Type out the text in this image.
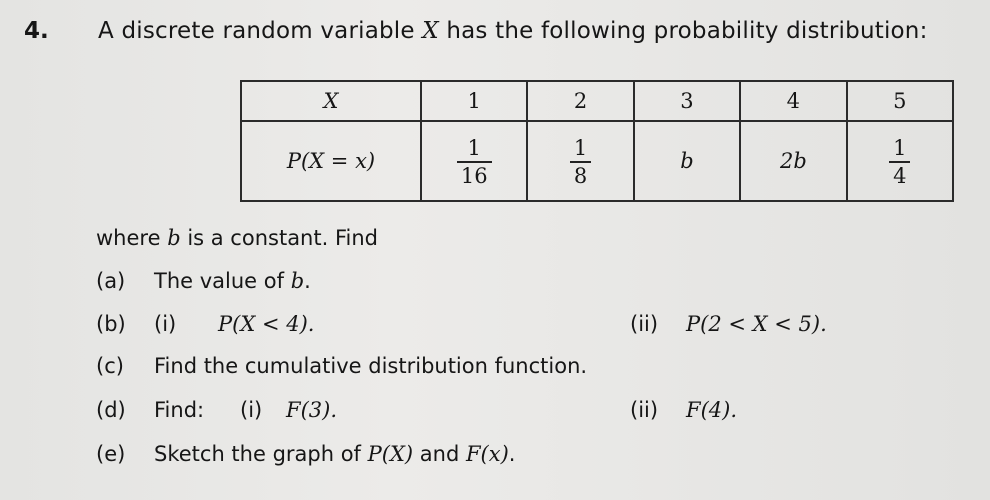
4. A discrete random variable X has the following probability distribution:
X	1	2	3	4	5
P(X = x)	$\frac{1}{16}$	$\frac{1}{8}$	b	2b	$\frac{1}{4}$
where b is a constant. Find
(a) The value of b.
(b) (i) P(X < 4).	(ii) P(2 < X < 5).
(c) Find the cumulative distribution function.
(d) Find: (i) F(3).	(ii) F(4).
(e) Sketch the graph of P(X) and F(x).
